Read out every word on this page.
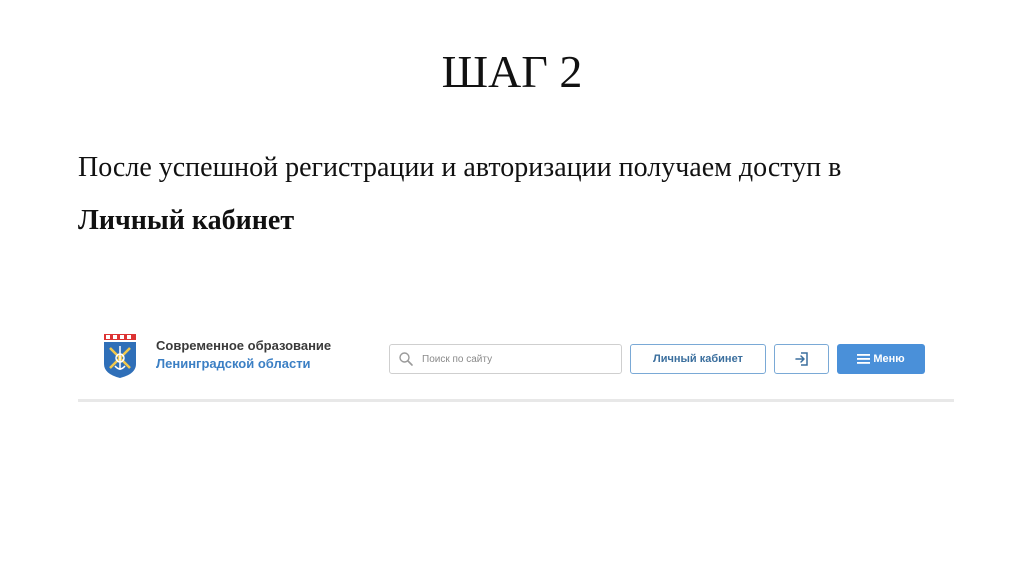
ШАГ 2
После успешной регистрации и авторизации получаем доступ в
Личный кабинет
Современное образование
Ленинградской области
Поиск по сайту	Личный кабинет	Меню
